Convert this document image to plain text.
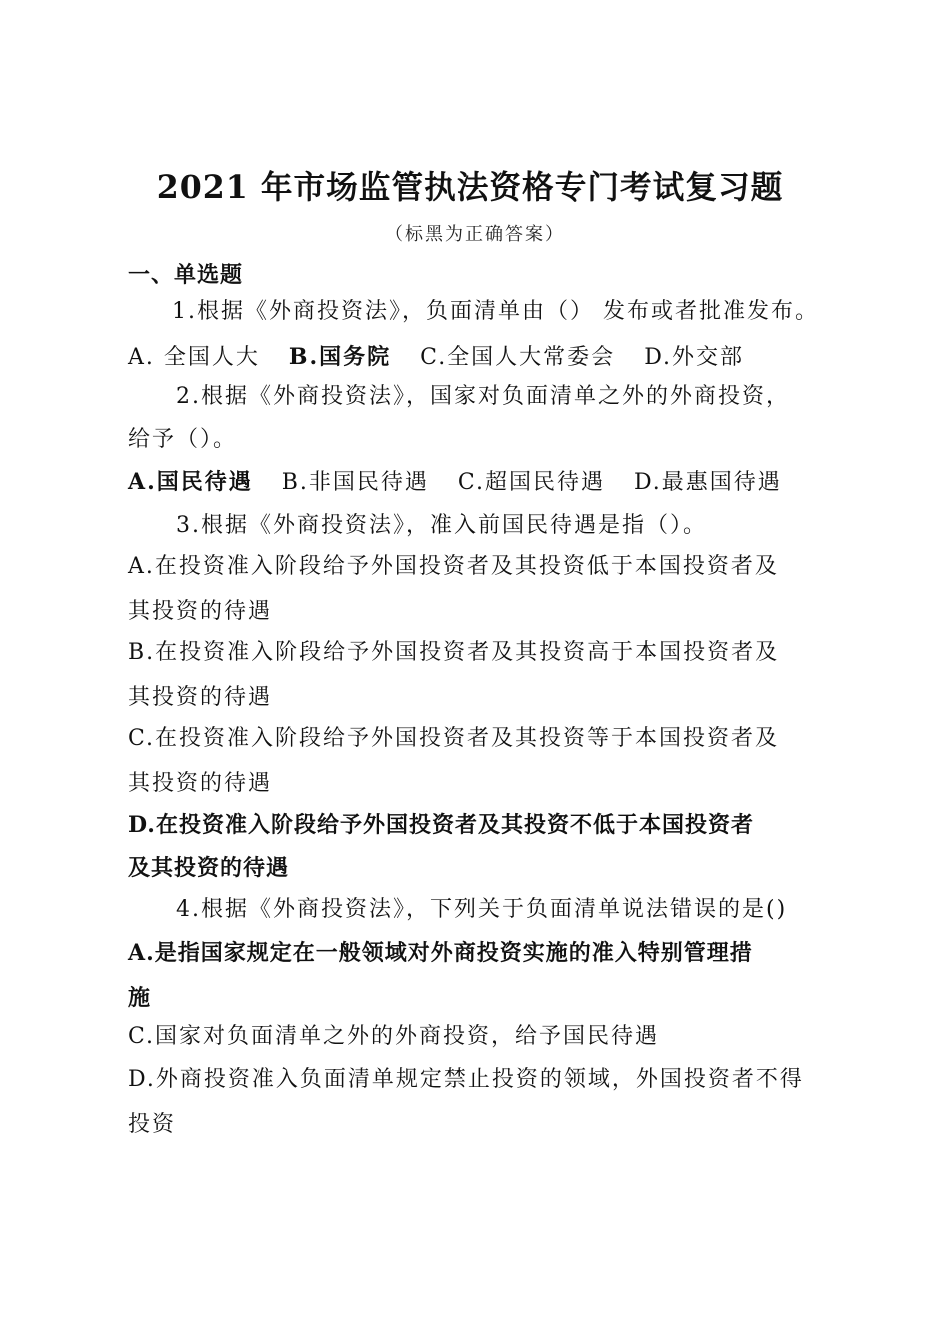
2021 年市场监管执法资格专门考试复习题
（标黑为正确答案）
一、单选题
1.根据《外商投资法》，负面清单由（） 发布或者批准发布。
A. 全国人大 B.国务院 C.全国人大常委会 D.外交部
2.根据《外商投资法》，国家对负面清单之外的外商投资，
给予（）。
A.国民待遇 B.非国民待遇 C.超国民待遇 D.最惠国待遇
3.根据《外商投资法》，准入前国民待遇是指（）。
A.在投资准入阶段给予外国投资者及其投资低于本国投资者及
其投资的待遇
B.在投资准入阶段给予外国投资者及其投资高于本国投资者及
其投资的待遇
C.在投资准入阶段给予外国投资者及其投资等于本国投资者及
其投资的待遇
D.在投资准入阶段给予外国投资者及其投资不低于本国投资者
及其投资的待遇
4.根据《外商投资法》，下列关于负面清单说法错误的是()
A.是指国家规定在一般领域对外商投资实施的准入特别管理措
施
C.国家对负面清单之外的外商投资，给予国民待遇
D.外商投资准入负面清单规定禁止投资的领域，外国投资者不得
投资
